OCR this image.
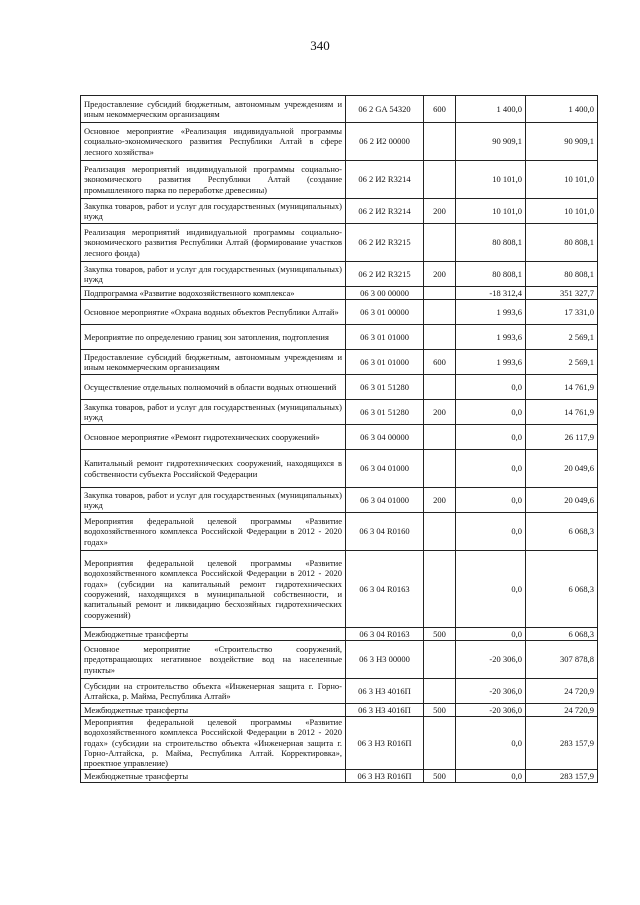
340
Предоставление субсидий бюджетным, автономным учреждениям и иным некоммерческим организациям	06 2 GA 54320	600	1 400,0	1 400,0
Основное мероприятие «Реализация индивидуальной программы социально-экономического развития Республики Алтай в сфере лесного хозяйства»	06 2 И2 00000		90 909,1	90 909,1
Реализация мероприятий индивидуальной программы социально-экономического развития Республики Алтай (создание промышленного парка по переработке древесины)	06 2 И2 R3214		10 101,0	10 101,0
Закупка товаров, работ и услуг для государственных (муниципальных) нужд	06 2 И2 R3214	200	10 101,0	10 101,0
Реализация мероприятий индивидуальной программы социально-экономического развития Республики Алтай (формирование участков лесного фонда)	06 2 И2 R3215		80 808,1	80 808,1
Закупка товаров, работ и услуг для государственных (муниципальных) нужд	06 2 И2 R3215	200	80 808,1	80 808,1
Подпрограмма «Развитие водохозяйственного комплекса»	06 3 00 00000		-18 312,4	351 327,7
Основное мероприятие «Охрана водных объектов Республики Алтай»	06 3 01 00000		1 993,6	17 331,0
Мероприятие по определению границ зон затопления, подтопления	06 3 01 01000		1 993,6	2 569,1
Предоставление субсидий бюджетным, автономным учреждениям и иным некоммерческим организациям	06 3 01 01000	600	1 993,6	2 569,1
Осуществление отдельных полномочий в области водных отношений	06 3 01 51280		0,0	14 761,9
Закупка товаров, работ и услуг для государственных (муниципальных) нужд	06 3 01 51280	200	0,0	14 761,9
Основное мероприятие «Ремонт гидротехнических сооружений»	06 3 04 00000		0,0	26 117,9
Капитальный ремонт гидротехнических сооружений, находящихся в собственности субъекта Российской Федерации	06 3 04 01000		0,0	20 049,6
Закупка товаров, работ и услуг для государственных (муниципальных) нужд	06 3 04 01000	200	0,0	20 049,6
Мероприятия федеральной целевой программы «Развитие водохозяйственного комплекса Российской Федерации в 2012 - 2020 годах»	06 3 04 R0160		0,0	6 068,3
Мероприятия федеральной целевой программы «Развитие водохозяйственного комплекса Российской Федерации в 2012 - 2020 годах» (субсидии на капитальный ремонт гидротехнических сооружений, находящихся в муниципальной собственности, и капитальный ремонт и ликвидацию бесхозяйных гидротехнических сооружений)	06 3 04 R0163		0,0	6 068,3
Межбюджетные трансферты	06 3 04 R0163	500	0,0	6 068,3
Основное мероприятие «Строительство сооружений, предотвращающих негативное воздействие вод на населенные пункты»	06 3 Н3 00000		-20 306,0	307 878,8
Субсидии на строительство объекта «Инженерная защита г. Горно-Алтайска, р. Майма, Республика Алтай»	06 3 Н3 4016П		-20 306,0	24 720,9
Межбюджетные трансферты	06 3 Н3 4016П	500	-20 306,0	24 720,9
Мероприятия федеральной целевой программы «Развитие водохозяйственного комплекса Российской Федерации в 2012 - 2020 годах» (субсидии на строительство объекта «Инженерная защита г. Горно-Алтайска, р. Майма, Республика Алтай. Корректировка», проектное управление)	06 3 Н3 R016П		0,0	283 157,9
Межбюджетные трансферты	06 3 Н3 R016П	500	0,0	283 157,9
